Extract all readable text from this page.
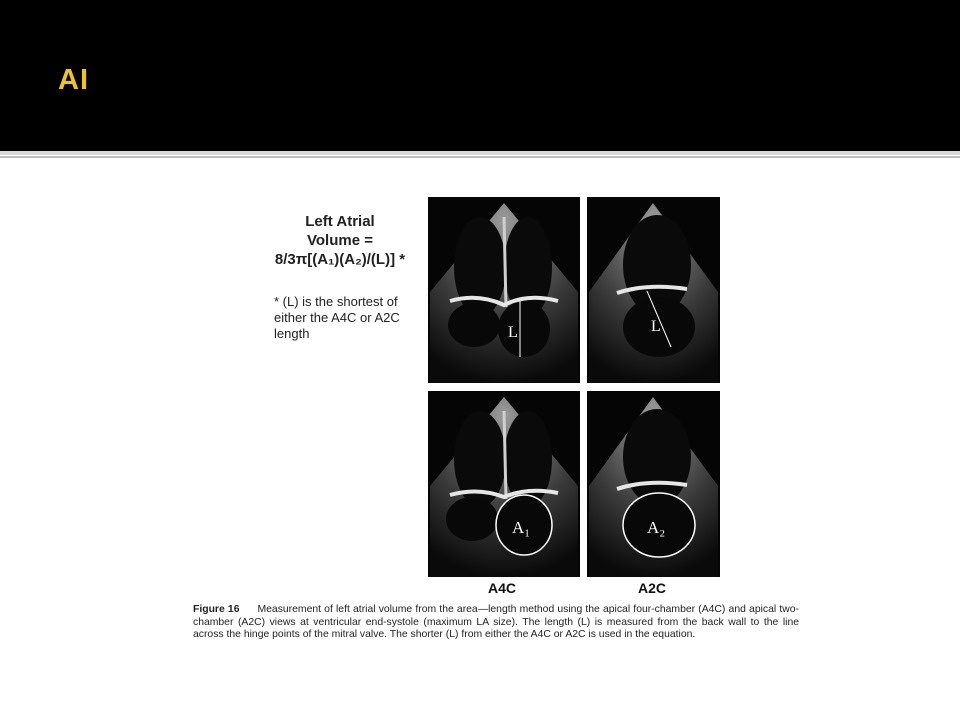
AI
Left Atrial
Volume =
8/3π[(A₁)(A₂)/(L)] *
* (L) is the shortest of either the A4C or A2C length	L	L
A₁	A₂
A4C	A2C
Figure 16 Measurement of left atrial volume from the area—length method using the apical four-chamber (A4C) and apical two-chamber (A2C) views at ventricular end-systole (maximum LA size). The length (L) is measured from the back wall to the line across the hinge points of the mitral valve. The shorter (L) from either the A4C or A2C is used in the equation.
